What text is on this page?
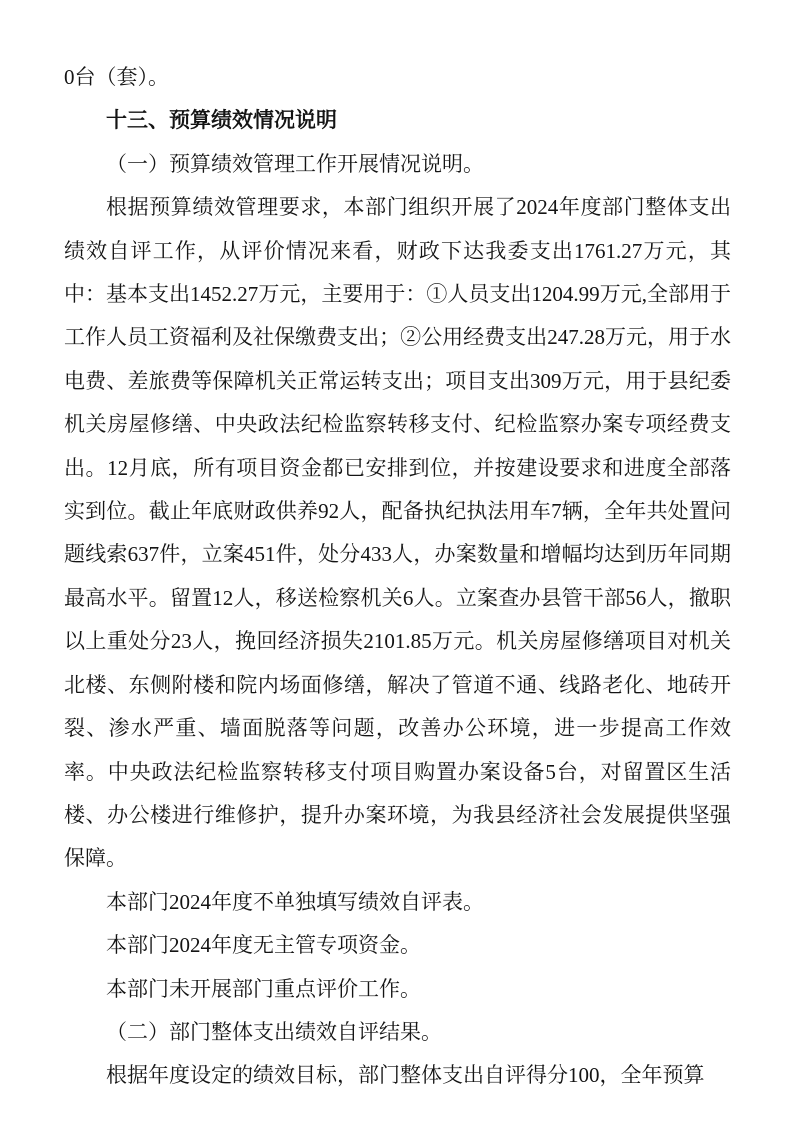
0台（套）。

十三、预算绩效情况说明

（一）预算绩效管理工作开展情况说明。

根据预算绩效管理要求，本部门组织开展了2024年度部门整体支出绩效自评工作，从评价情况来看，财政下达我委支出1761.27万元，其中：基本支出1452.27万元，主要用于：①人员支出1204.99万元,全部用于工作人员工资福利及社保缴费支出；②公用经费支出247.28万元，用于水电费、差旅费等保障机关正常运转支出；项目支出309万元，用于县纪委机关房屋修缮、中央政法纪检监察转移支付、纪检监察办案专项经费支出。12月底，所有项目资金都已安排到位，并按建设要求和进度全部落实到位。截止年底财政供养92人，配备执纪执法用车7辆，全年共处置问题线索637件，立案451件，处分433人，办案数量和增幅均达到历年同期最高水平。留置12人，移送检察机关6人。立案查办县管干部56人，撤职以上重处分23人，挽回经济损失2101.85万元。机关房屋修缮项目对机关北楼、东侧附楼和院内场面修缮，解决了管道不通、线路老化、地砖开裂、渗水严重、墙面脱落等问题，改善办公环境，进一步提高工作效率。中央政法纪检监察转移支付项目购置办案设备5台，对留置区生活楼、办公楼进行维修护，提升办案环境，为我县经济社会发展提供坚强保障。

本部门2024年度不单独填写绩效自评表。

本部门2024年度无主管专项资金。

本部门未开展部门重点评价工作。

（二）部门整体支出绩效自评结果。

根据年度设定的绩效目标，部门整体支出自评得分100，全年预算
